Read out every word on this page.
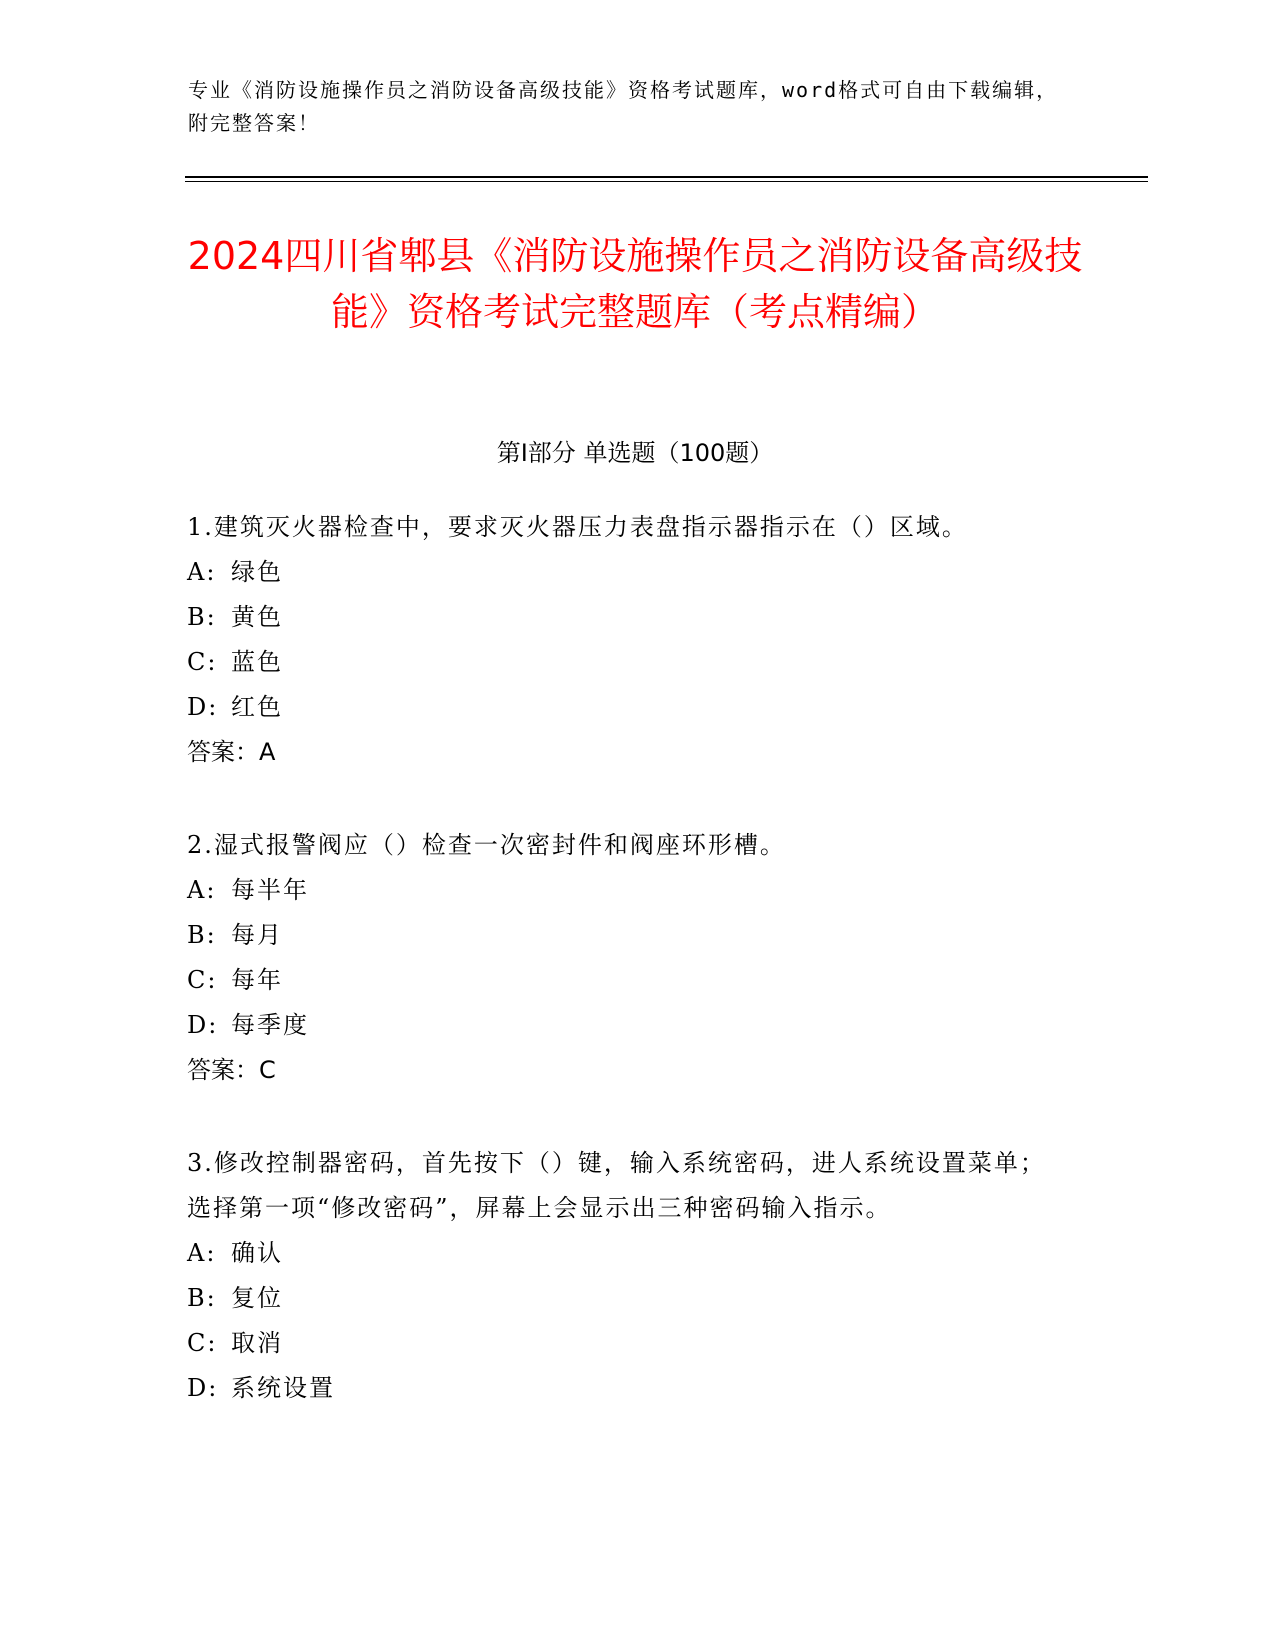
专业《消防设施操作员之消防设备高级技能》资格考试题库，word格式可自由下载编辑，附完整答案！
2024四川省郫县《消防设施操作员之消防设备高级技能》资格考试完整题库（考点精编）
第I部分 单选题（100题）
1.建筑灭火器检查中，要求灭火器压力表盘指示器指示在（）区域。
A: 绿色
B: 黄色
C: 蓝色
D: 红色
答案：A
2.湿式报警阀应（）检查一次密封件和阀座环形槽。
A: 每半年
B: 每月
C: 每年
D: 每季度
答案：C
3.修改控制器密码，首先按下（）键，输入系统密码，进人系统设置菜单；选择第一项“修改密码”，屏幕上会显示出三种密码输入指示。
A: 确认
B: 复位
C: 取消
D: 系统设置
